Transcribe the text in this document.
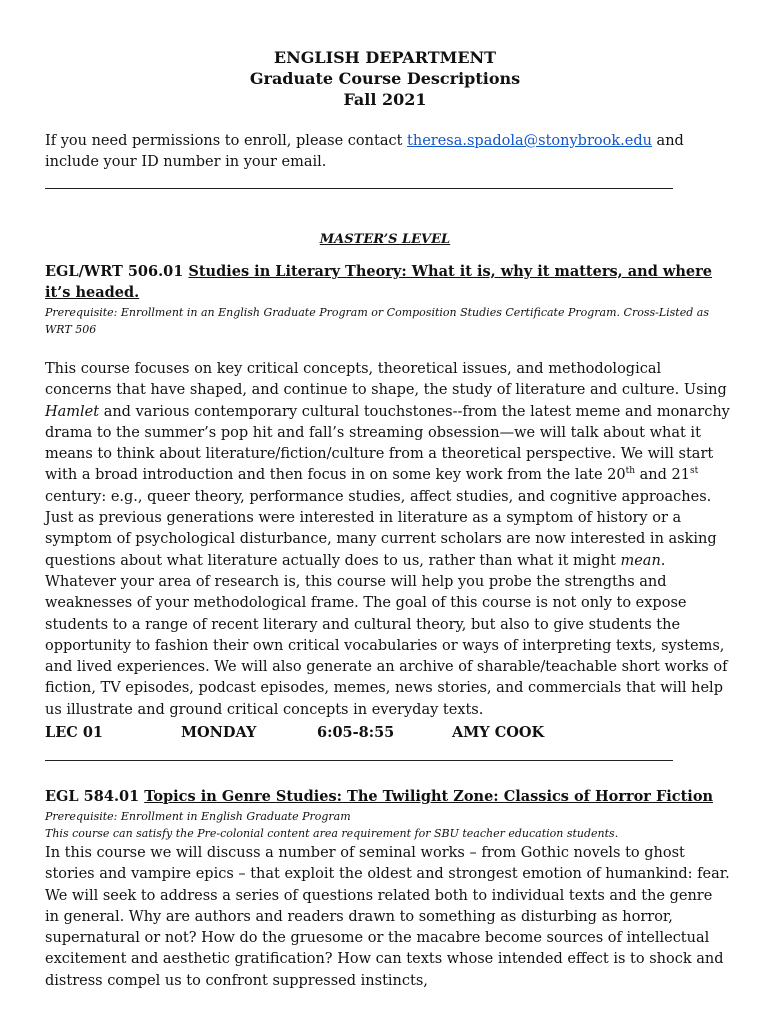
ENGLISH DEPARTMENT
Graduate Course Descriptions
Fall 2021
If you need permissions to enroll, please contact theresa.spadola@stonybrook.edu and include your ID number in your email.
MASTER’S LEVEL
EGL/WRT 506.01 Studies in Literary Theory: What it is, why it matters, and where it’s headed.
Prerequisite: Enrollment in an English Graduate Program or Composition Studies Certificate Program. Cross-Listed as WRT 506
This course focuses on key critical concepts, theoretical issues, and methodological concerns that have shaped, and continue to shape, the study of literature and culture. Using Hamlet and various contemporary cultural touchstones--from the latest meme and monarchy drama to the summer’s pop hit and fall’s streaming obsession—we will talk about what it means to think about literature/fiction/culture from a theoretical perspective. We will start with a broad introduction and then focus in on some key work from the late 20th and 21st century: e.g., queer theory, performance studies, affect studies, and cognitive approaches. Just as previous generations were interested in literature as a symptom of history or a symptom of psychological disturbance, many current scholars are now interested in asking questions about what literature actually does to us, rather than what it might mean. Whatever your area of research is, this course will help you probe the strengths and weaknesses of your methodological frame. The goal of this course is not only to expose students to a range of recent literary and cultural theory, but also to give students the opportunity to fashion their own critical vocabularies or ways of interpreting texts, systems, and lived experiences. We will also generate an archive of sharable/teachable short works of fiction, TV episodes, podcast episodes, memes, news stories, and commercials that will help us illustrate and ground critical concepts in everyday texts.
LEC 01	MONDAY	6:05-8:55	AMY COOK
EGL 584.01 Topics in Genre Studies: The Twilight Zone: Classics of Horror Fiction
Prerequisite: Enrollment in English Graduate Program
This course can satisfy the Pre-colonial content area requirement for SBU teacher education students.
In this course we will discuss a number of seminal works – from Gothic novels to ghost stories and vampire epics – that exploit the oldest and strongest emotion of humankind: fear. We will seek to address a series of questions related both to individual texts and the genre in general. Why are authors and readers drawn to something as disturbing as horror, supernatural or not? How do the gruesome or the macabre become sources of intellectual excitement and aesthetic gratification? How can texts whose intended effect is to shock and distress compel us to confront suppressed instincts,
